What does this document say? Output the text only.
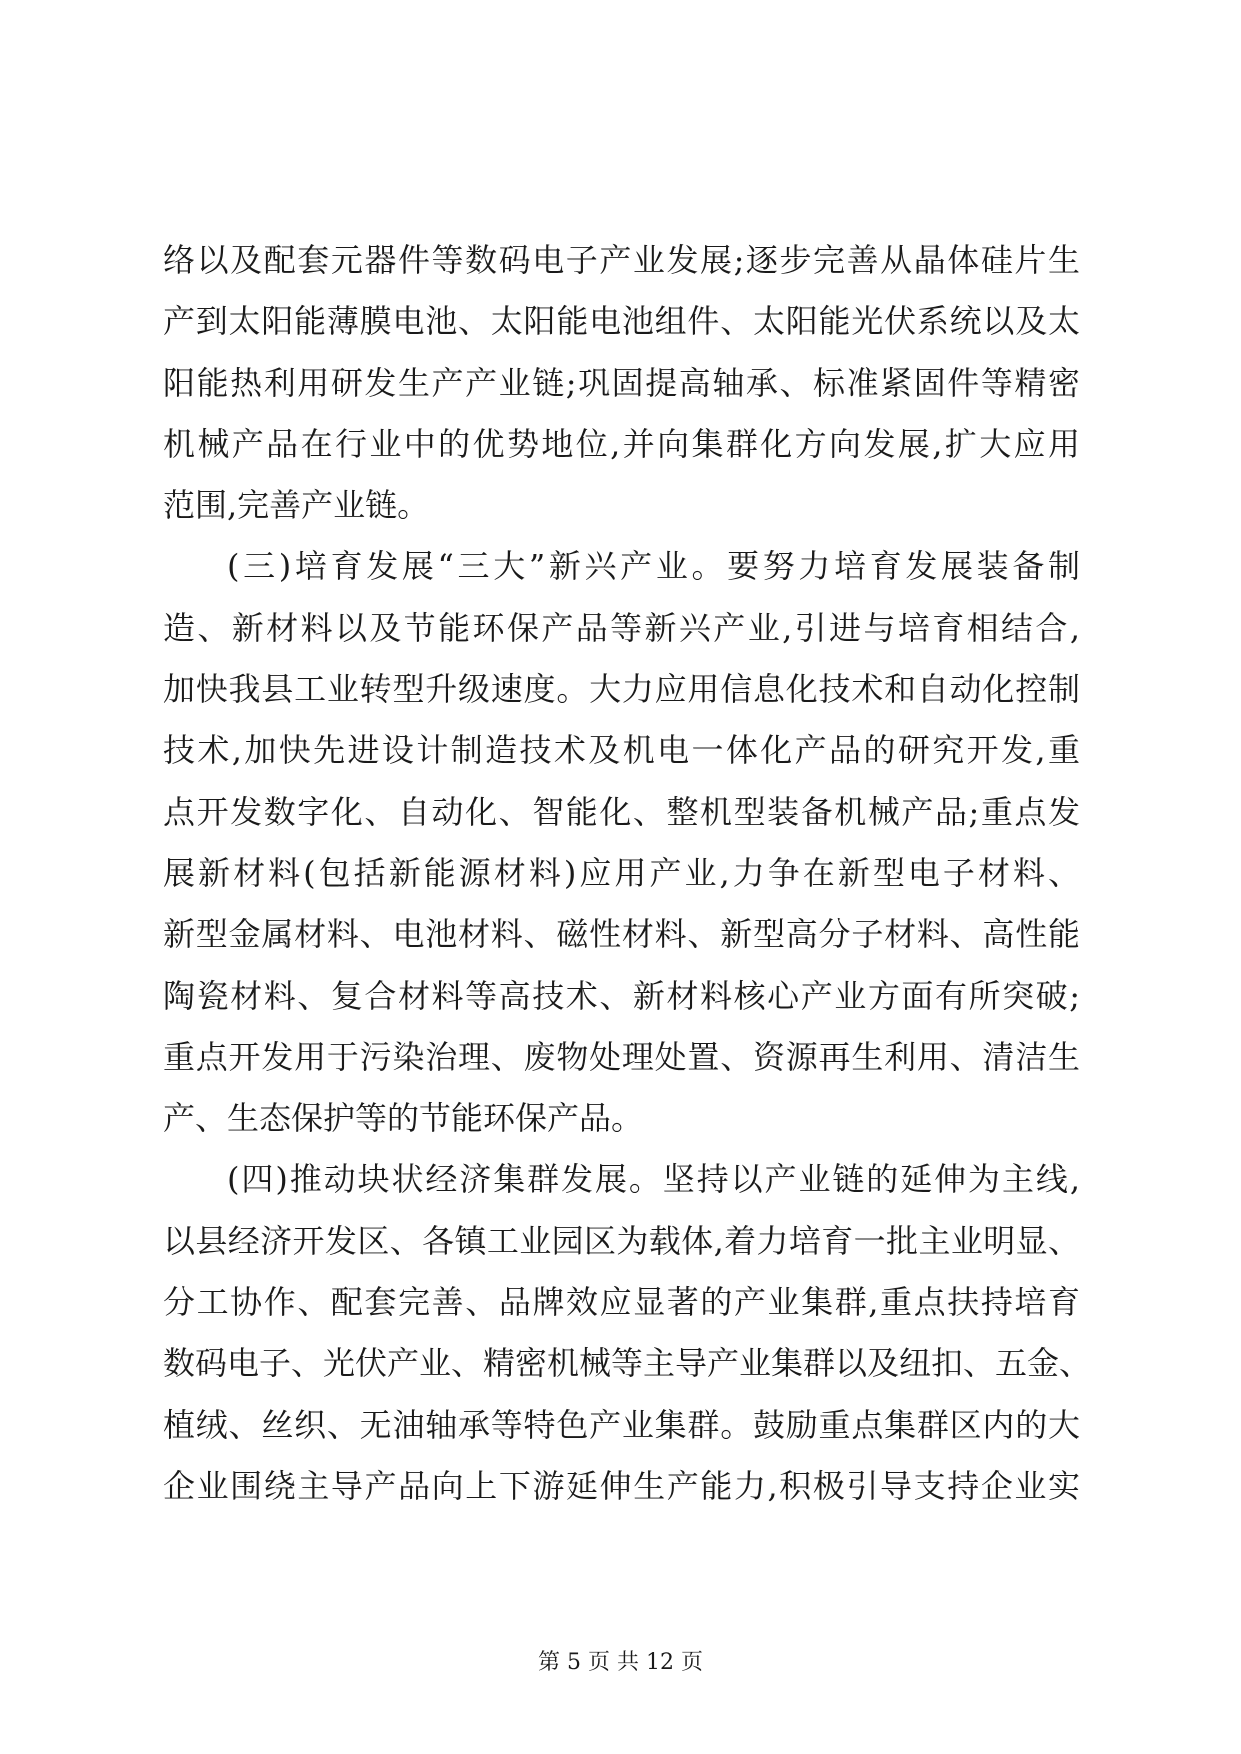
络以及配套元器件等数码电子产业发展;逐步完善从晶体硅片生
产到太阳能薄膜电池、太阳能电池组件、太阳能光伏系统以及太
阳能热利用研发生产产业链;巩固提高轴承、标准紧固件等精密
机械产品在行业中的优势地位,并向集群化方向发展,扩大应用
范围,完善产业链。
(三)培育发展“三大”新兴产业。要努力培育发展装备制
造、新材料以及节能环保产品等新兴产业,引进与培育相结合,
加快我县工业转型升级速度。大力应用信息化技术和自动化控制
技术,加快先进设计制造技术及机电一体化产品的研究开发,重
点开发数字化、自动化、智能化、整机型装备机械产品;重点发
展新材料(包括新能源材料)应用产业,力争在新型电子材料、
新型金属材料、电池材料、磁性材料、新型高分子材料、高性能
陶瓷材料、复合材料等高技术、新材料核心产业方面有所突破;
重点开发用于污染治理、废物处理处置、资源再生利用、清洁生
产、生态保护等的节能环保产品。
(四)推动块状经济集群发展。坚持以产业链的延伸为主线,
以县经济开发区、各镇工业园区为载体,着力培育一批主业明显、
分工协作、配套完善、品牌效应显著的产业集群,重点扶持培育
数码电子、光伏产业、精密机械等主导产业集群以及纽扣、五金、
植绒、丝织、无油轴承等特色产业集群。鼓励重点集群区内的大
企业围绕主导产品向上下游延伸生产能力,积极引导支持企业实
第 5 页 共 12 页
